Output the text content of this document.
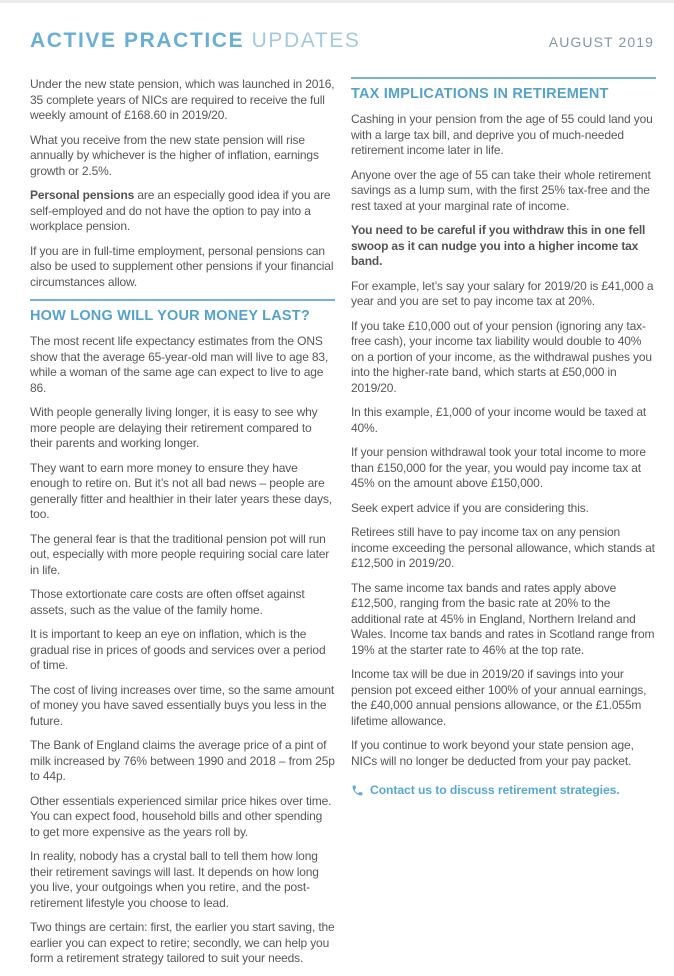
ACTIVE PRACTICE UPDATES	AUGUST 2019

Under the new state pension, which was launched in 2016, 35 complete years of NICs are required to receive the full weekly amount of £168.60 in 2019/20.

What you receive from the new state pension will rise annually by whichever is the higher of inflation, earnings growth or 2.5%.

Personal pensions are an especially good idea if you are self-employed and do not have the option to pay into a workplace pension.

If you are in full-time employment, personal pensions can also be used to supplement other pensions if your financial circumstances allow.

HOW LONG WILL YOUR MONEY LAST?

The most recent life expectancy estimates from the ONS show that the average 65-year-old man will live to age 83, while a woman of the same age can expect to live to age 86.

With people generally living longer, it is easy to see why more people are delaying their retirement compared to their parents and working longer.

They want to earn more money to ensure they have enough to retire on. But it’s not all bad news – people are generally fitter and healthier in their later years these days, too.

The general fear is that the traditional pension pot will run out, especially with more people requiring social care later in life.

Those extortionate care costs are often offset against assets, such as the value of the family home.

It is important to keep an eye on inflation, which is the gradual rise in prices of goods and services over a period of time.

The cost of living increases over time, so the same amount of money you have saved essentially buys you less in the future.

The Bank of England claims the average price of a pint of milk increased by 76% between 1990 and 2018 – from 25p to 44p.

Other essentials experienced similar price hikes over time. You can expect food, household bills and other spending to get more expensive as the years roll by.

In reality, nobody has a crystal ball to tell them how long their retirement savings will last. It depends on how long you live, your outgoings when you retire, and the post-retirement lifestyle you choose to lead.

Two things are certain: first, the earlier you start saving, the earlier you can expect to retire; secondly, we can help you form a retirement strategy tailored to suit your needs.

TAX IMPLICATIONS IN RETIREMENT

Cashing in your pension from the age of 55 could land you with a large tax bill, and deprive you of much-needed retirement income later in life.

Anyone over the age of 55 can take their whole retirement savings as a lump sum, with the first 25% tax-free and the rest taxed at your marginal rate of income.

You need to be careful if you withdraw this in one fell swoop as it can nudge you into a higher income tax band.

For example, let’s say your salary for 2019/20 is £41,000 a year and you are set to pay income tax at 20%.

If you take £10,000 out of your pension (ignoring any tax-free cash), your income tax liability would double to 40% on a portion of your income, as the withdrawal pushes you into the higher-rate band, which starts at £50,000 in 2019/20.

In this example, £1,000 of your income would be taxed at 40%.

If your pension withdrawal took your total income to more than £150,000 for the year, you would pay income tax at 45% on the amount above £150,000.

Seek expert advice if you are considering this.

Retirees still have to pay income tax on any pension income exceeding the personal allowance, which stands at £12,500 in 2019/20.

The same income tax bands and rates apply above £12,500, ranging from the basic rate at 20% to the additional rate at 45% in England, Northern Ireland and Wales. Income tax bands and rates in Scotland range from 19% at the starter rate to 46% at the top rate.

Income tax will be due in 2019/20 if savings into your pension pot exceed either 100% of your annual earnings, the £40,000 annual pensions allowance, or the £1.055m lifetime allowance.

If you continue to work beyond your state pension age, NICs will no longer be deducted from your pay packet.

Contact us to discuss retirement strategies.
